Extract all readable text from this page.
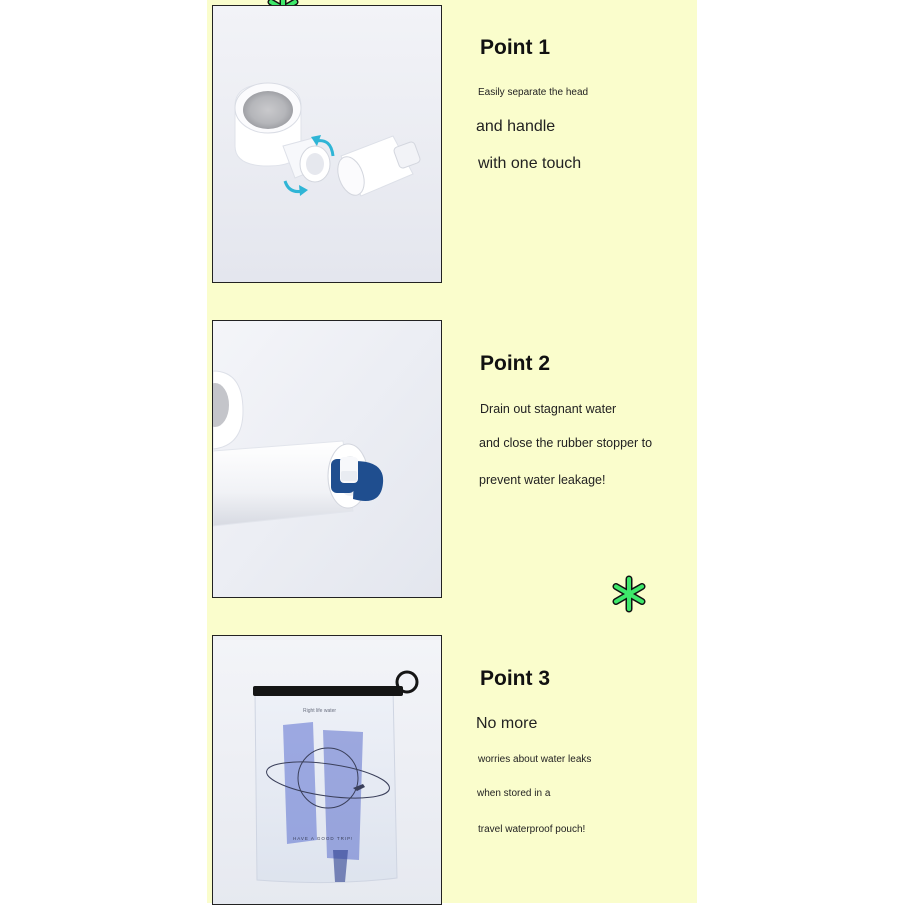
Right life water
HAVE A GOOD TRIP!
Point 1
Easily separate the head
and handle
with one touch
Point 2
Drain out stagnant water
and close the rubber stopper to
prevent water leakage!
Point 3
No more
worries about water leaks
when stored in a
travel waterproof pouch!
